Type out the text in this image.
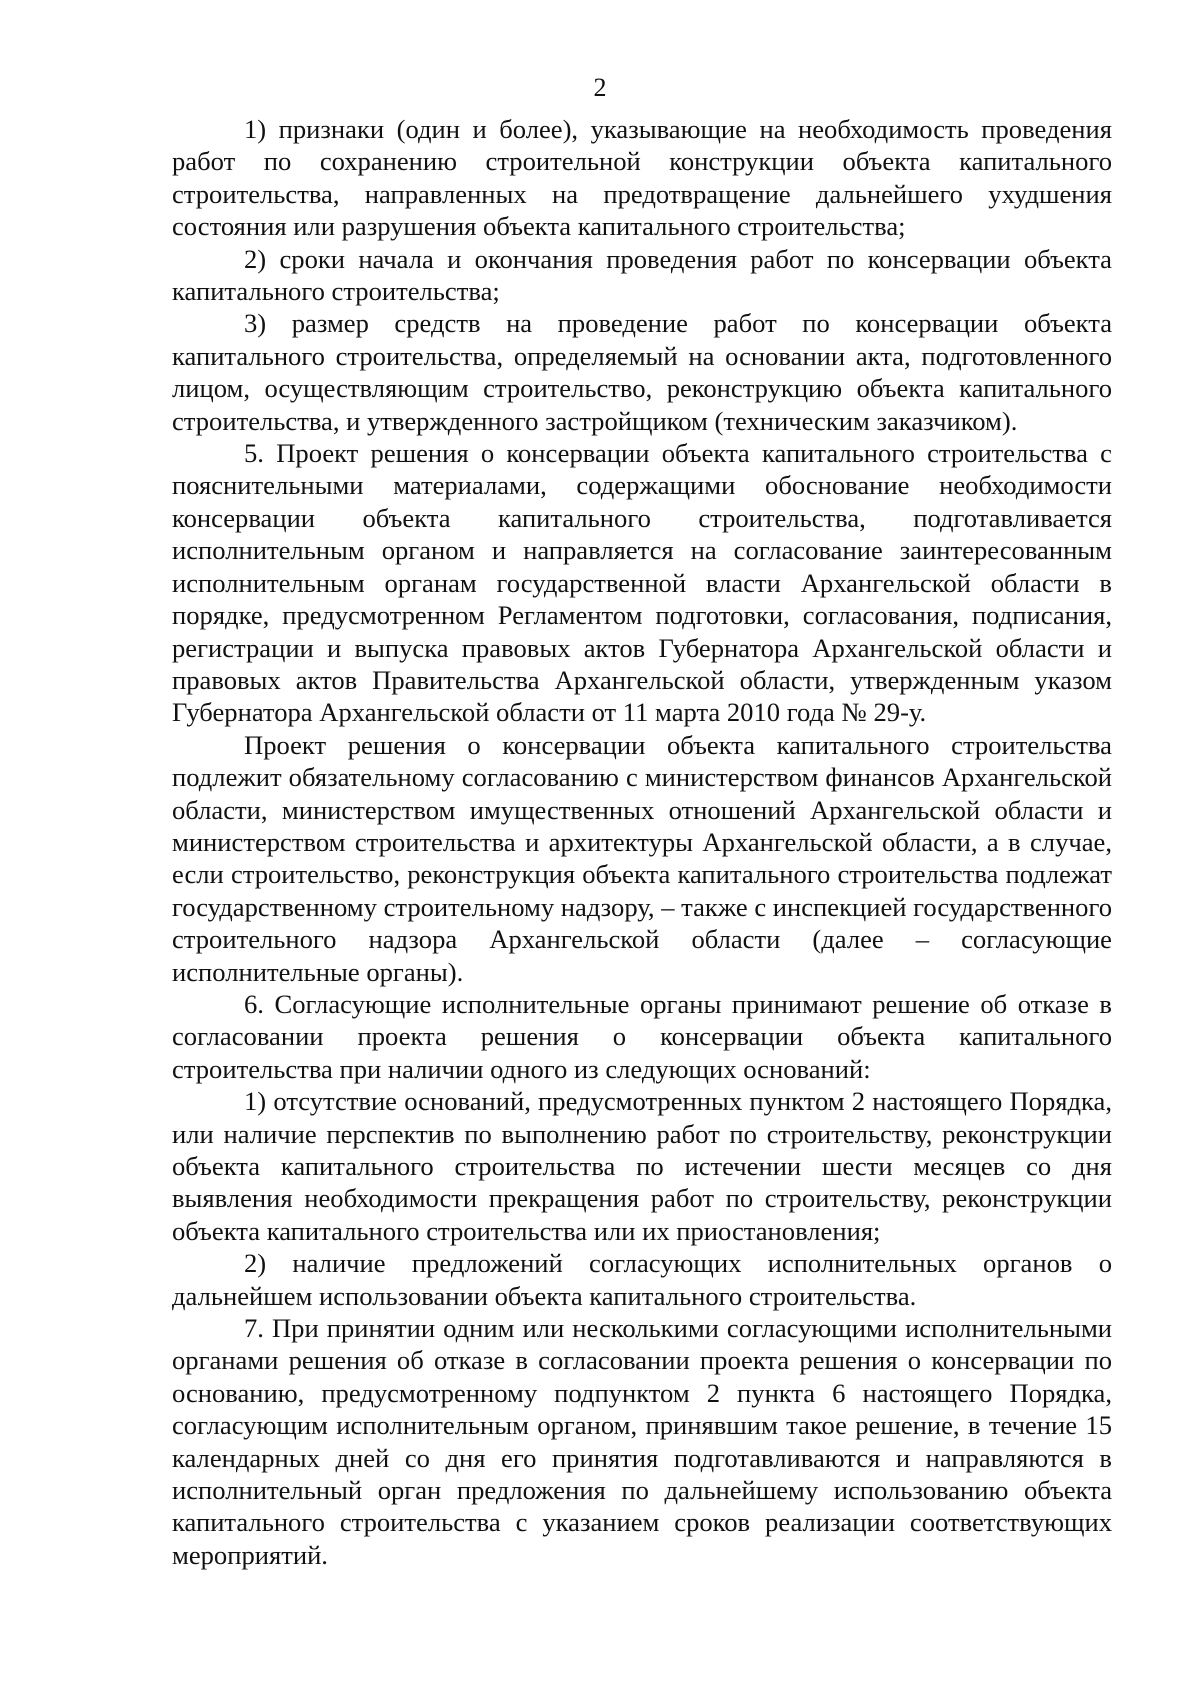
2

1) признаки (один и более), указывающие на необходимость проведения работ по сохранению строительной конструкции объекта капитального строительства, направленных на предотвращение дальнейшего ухудшения состояния или разрушения объекта капитального строительства;

2) сроки начала и окончания проведения работ по консервации объекта капитального строительства;

3) размер средств на проведение работ по консервации объекта капитального строительства, определяемый на основании акта, подготовленного лицом, осуществляющим строительство, реконструкцию объекта капитального строительства, и утвержденного застройщиком (техническим заказчиком).

5. Проект решения о консервации объекта капитального строительства с пояснительными материалами, содержащими обоснование необходимости консервации объекта капитального строительства, подготавливается исполнительным органом и направляется на согласование заинтересованным исполнительным органам государственной власти Архангельской области в порядке, предусмотренном Регламентом подготовки, согласования, подписания, регистрации и выпуска правовых актов Губернатора Архангельской области и правовых актов Правительства Архангельской области, утвержденным указом Губернатора Архангельской области от 11 марта 2010 года № 29-у.

Проект решения о консервации объекта капитального строительства подлежит обязательному согласованию с министерством финансов Архангельской области, министерством имущественных отношений Архангельской области и министерством строительства и архитектуры Архангельской области, а в случае, если строительство, реконструкция объекта капитального строительства подлежат государственному строительному надзору, – также с инспекцией государственного строительного надзора Архангельской области (далее – согласующие исполнительные органы).

6. Согласующие исполнительные органы принимают решение об отказе в согласовании проекта решения о консервации объекта капитального строительства при наличии одного из следующих оснований:

1) отсутствие оснований, предусмотренных пунктом 2 настоящего Порядка, или наличие перспектив по выполнению работ по строительству, реконструкции объекта капитального строительства по истечении шести месяцев со дня выявления необходимости прекращения работ по строительству, реконструкции объекта капитального строительства или их приостановления;

2) наличие предложений согласующих исполнительных органов о дальнейшем использовании объекта капитального строительства.

7. При принятии одним или несколькими согласующими исполнительными органами решения об отказе в согласовании проекта решения о консервации по основанию, предусмотренному подпунктом 2 пункта 6 настоящего Порядка, согласующим исполнительным органом, принявшим такое решение, в течение 15 календарных дней со дня его принятия подготавливаются и направляются в исполнительный орган предложения по дальнейшему использованию объекта капитального строительства с указанием сроков реализации соответствующих мероприятий.
